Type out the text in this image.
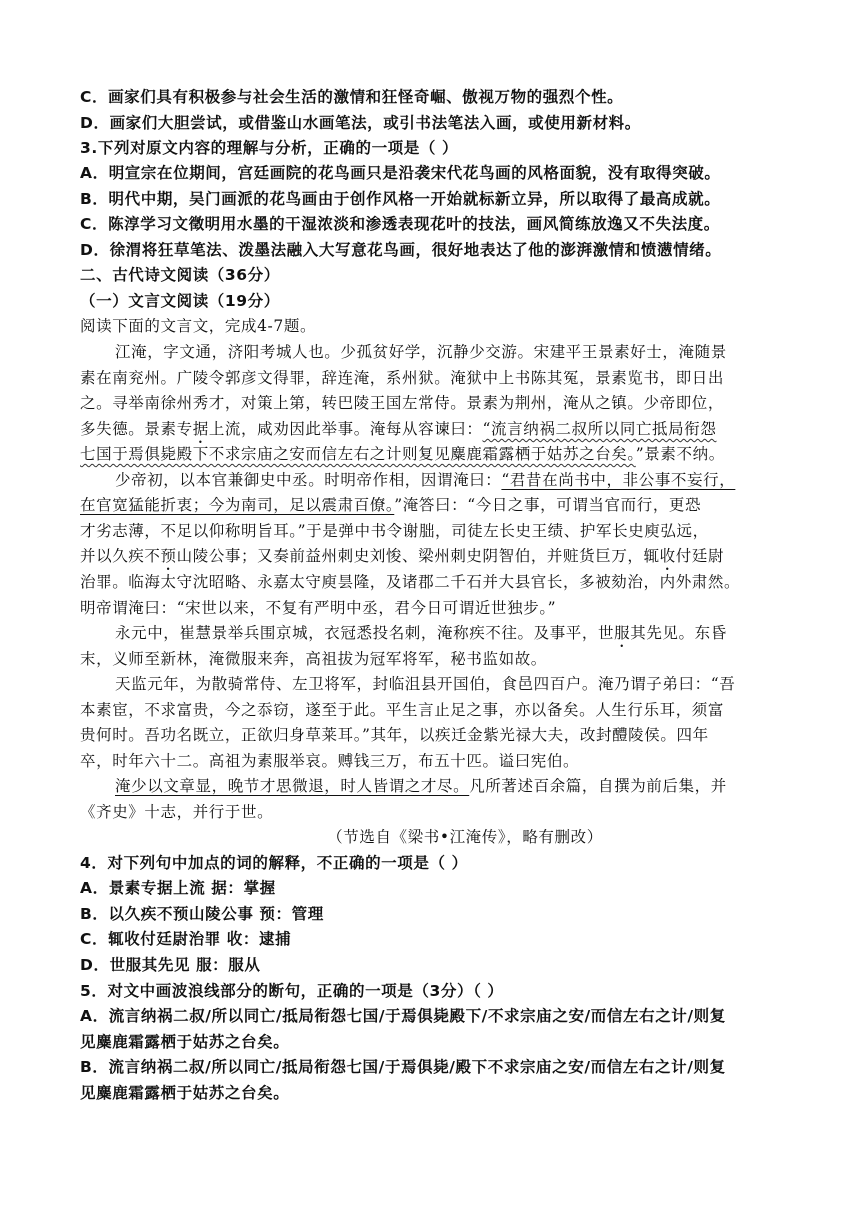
C．画家们具有积极参与社会生活的激情和狂怪奇崛、傲视万物的强烈个性。
D．画家们大胆尝试，或借鉴山水画笔法，或引书法笔法入画，或使用新材料。
3.下列对原文内容的理解与分析，正确的一项是（ ）
A．明宣宗在位期间，宫廷画院的花鸟画只是沿袭宋代花鸟画的风格面貌，没有取得突破。
B．明代中期，吴门画派的花鸟画由于创作风格一开始就标新立异，所以取得了最高成就。
C．陈淳学习文徵明用水墨的干湿浓淡和渗透表现花叶的技法，画风简练放逸又不失法度。
D．徐渭将狂草笔法、泼墨法融入大写意花鸟画，很好地表达了他的澎湃激情和愤懑情绪。
二、古代诗文阅读（36分）
（一）文言文阅读（19分）
阅读下面的文言文，完成4-7题。
江淹，字文通，济阳考城人也。少孤贫好学，沉静少交游。宋建平王景素好士，淹随景
素在南兖州。广陵令郭彦文得罪，辞连淹，系州狱。淹狱中上书陈其冤，景素览书，即日出
之。寻举南徐州秀才，对策上第，转巴陵王国左常侍。景素为荆州，淹从之镇。少帝即位，
多失德。景素专据上流，咸劝因此举事。淹每从容谏曰：“流言纳祸二叔所以同亡抵局衔怨
七国于焉俱毙殿下不求宗庙之安而信左右之计则复见麋鹿霜露栖于姑苏之台矣。”景素不纳。
少帝初，以本官兼御史中丞。时明帝作相，因谓淹曰：“君昔在尚书中，非公事不妄行，
在官宽猛能折衷；今为南司，足以震肃百僚。”淹答曰：“今日之事，可谓当官而行，更恐
才劣志薄，不足以仰称明旨耳。”于是弹中书令谢朏，司徒左长史王绩、护军长史庾弘远，
并以久疾不预山陵公事；又奏前益州刺史刘悛、梁州刺史阴智伯，并赃货巨万，辄收付廷尉
治罪。临海太守沈昭略、永嘉太守庾昙隆，及诸郡二千石并大县官长，多被劾治，内外肃然。
明帝谓淹曰：“宋世以来，不复有严明中丞，君今日可谓近世独步。”
永元中，崔慧景举兵围京城，衣冠悉投名刺，淹称疾不往。及事平，世服其先见。东昏
末，义师至新林，淹微服来奔，高祖拔为冠军将军，秘书监如故。
天监元年，为散骑常侍、左卫将军，封临沮县开国伯，食邑四百户。淹乃谓子弟曰：“吾
本素宦，不求富贵，今之忝窃，遂至于此。平生言止足之事，亦以备矣。人生行乐耳，须富
贵何时。吾功名既立，正欲归身草莱耳。”其年，以疾迁金紫光禄大夫，改封醴陵侯。四年
卒，时年六十二。高祖为素服举哀。赙钱三万，布五十匹。谥曰宪伯。
淹少以文章显，晚节才思微退，时人皆谓之才尽。凡所著述百余篇，自撰为前后集，并
《齐史》十志，并行于世。
（节选自《梁书•江淹传》，略有删改）
4．对下列句中加点的词的解释，不正确的一项是（ ）
A．景素专据上流 据：掌握
B．以久疾不预山陵公事 预：管理
C．辄收付廷尉治罪 收：逮捕
D．世服其先见 服：服从
5．对文中画波浪线部分的断句，正确的一项是（3分）（ ）
A．流言纳祸二叔/所以同亡/抵局衔怨七国/于焉俱毙殿下/不求宗庙之安/而信左右之计/则复
见麋鹿霜露栖于姑苏之台矣。
B．流言纳祸二叔/所以同亡/抵局衔怨七国/于焉俱毙/殿下不求宗庙之安/而信左右之计/则复
见麋鹿霜露栖于姑苏之台矣。
